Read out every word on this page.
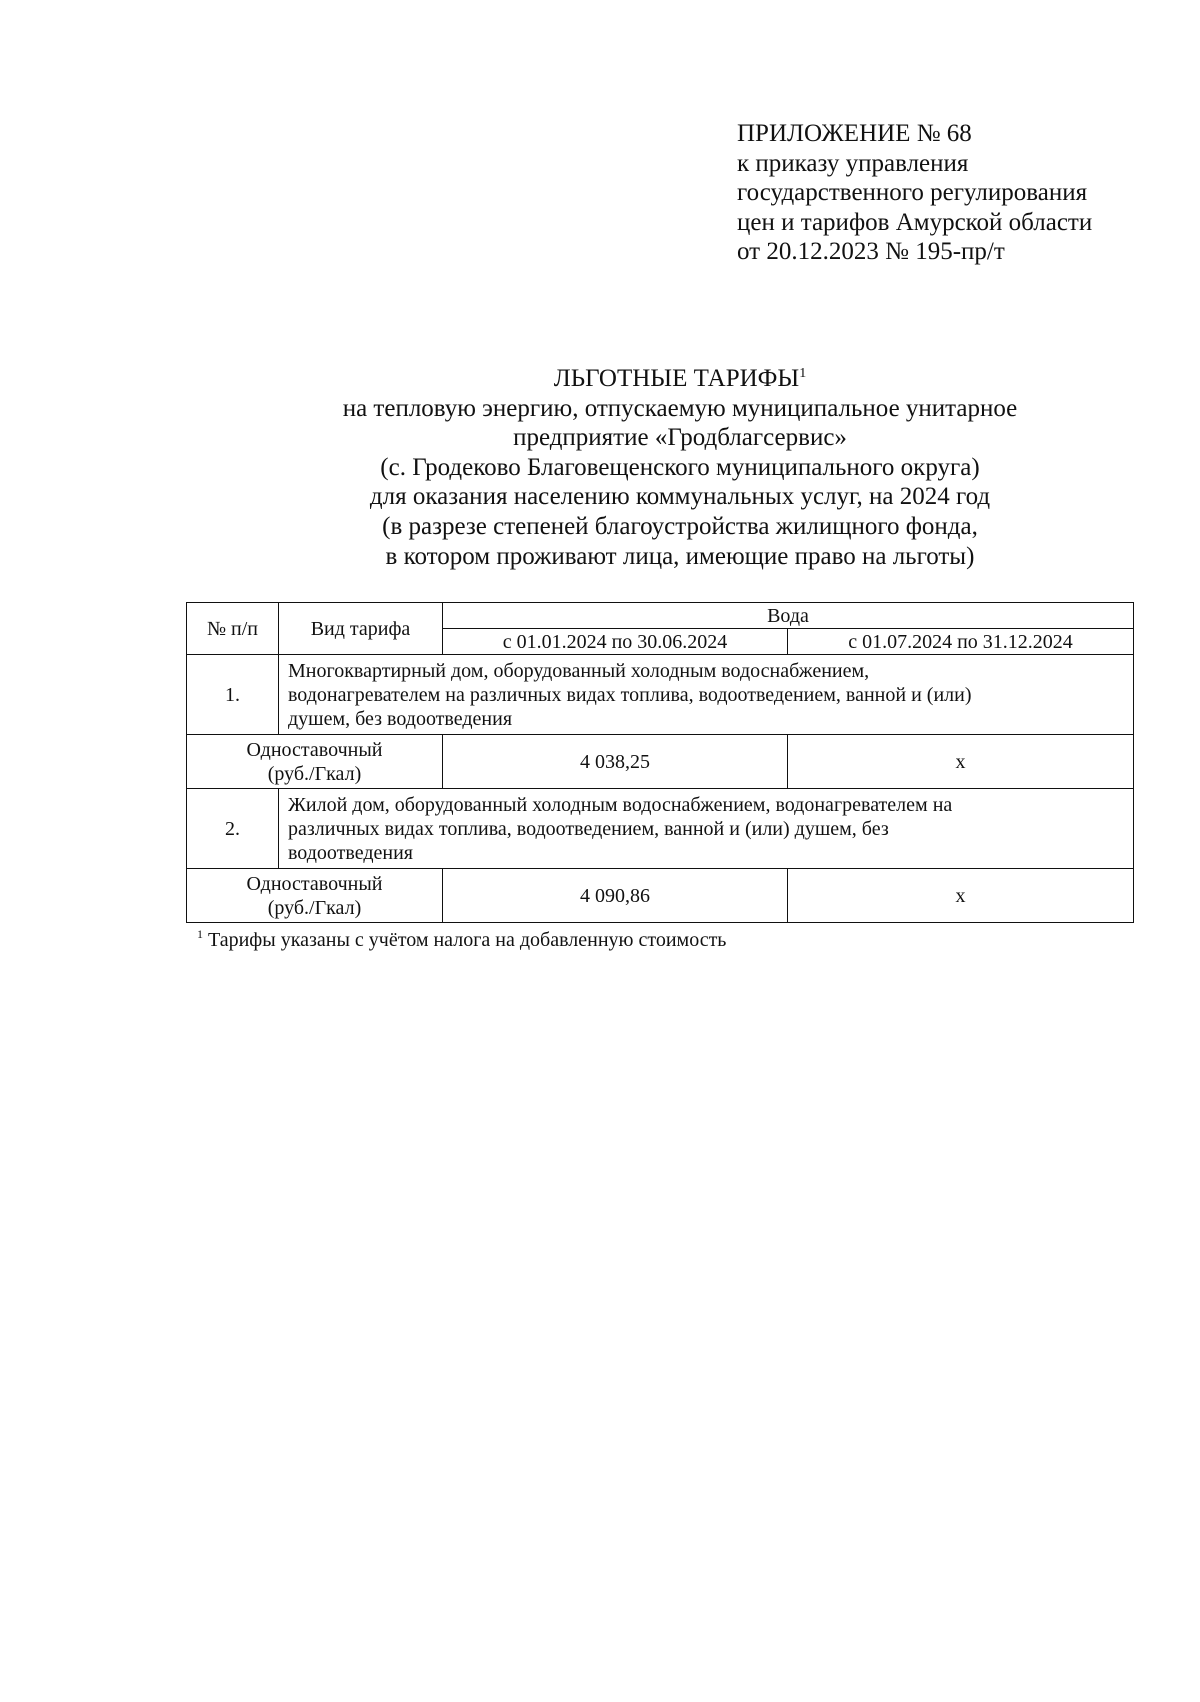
ПРИЛОЖЕНИЕ № 68
к приказу управления
государственного регулирования
цен и тарифов Амурской области
от 20.12.2023 № 195-пр/т
ЛЬГОТНЫЕ ТАРИФЫ$^1$
на тепловую энергию, отпускаемую муниципальное унитарное
предприятие «Гродблагсервис»
(с. Гродеково Благовещенского муниципального округа)
для оказания населению коммунальных услуг, на 2024 год
(в разрезе степеней благоустройства жилищного фонда,
в котором проживают лица, имеющие право на льготы)
№ п/п	Вид тарифа	Вода	
		с 01.01.2024 по 30.06.2024	с 01.07.2024 по 31.12.2024
1.	Многоквартирный дом, оборудованный холодным водоснабжением,
водонагревателем на различных видах топлива, водоотведением, ванной и (или)
душем, без водоотведения		

Одноставочный
(руб./Гкал)		4 038,25	x
2.	Жилой дом, оборудованный холодным водоснабжением, водонагревателем на
различных видах топлива, водоотведением, ванной и (или) душем, без
водоотведения		

Одноставочный
(руб./Гкал)		4 090,86	x
$^1$ Тарифы указаны с учётом налога на добавленную стоимость
